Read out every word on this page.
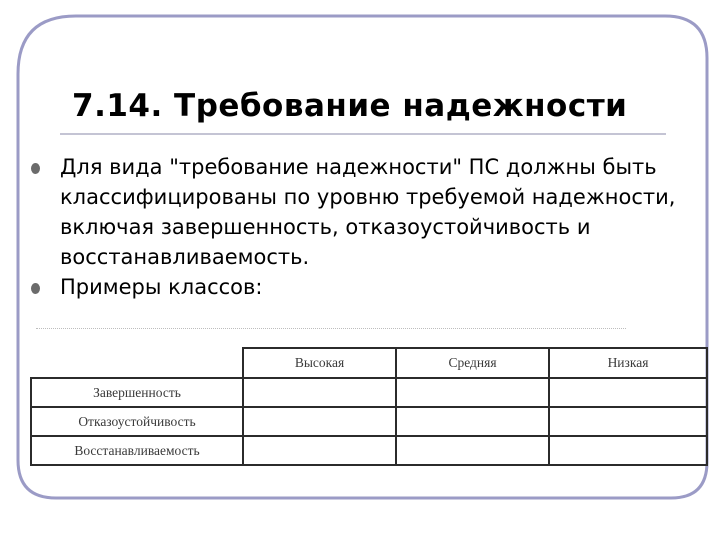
7.14. Требование надежности
Для вида "требование надежности" ПС должны быть классифицированы по уровню требуемой надежности, включая завершенность, отказоустойчивость и восстанавливаемость.
Примеры классов:
	Высокая	Средняя	Низкая
Завершенность			
Отказоустойчивость			
Восстанавливаемость			
